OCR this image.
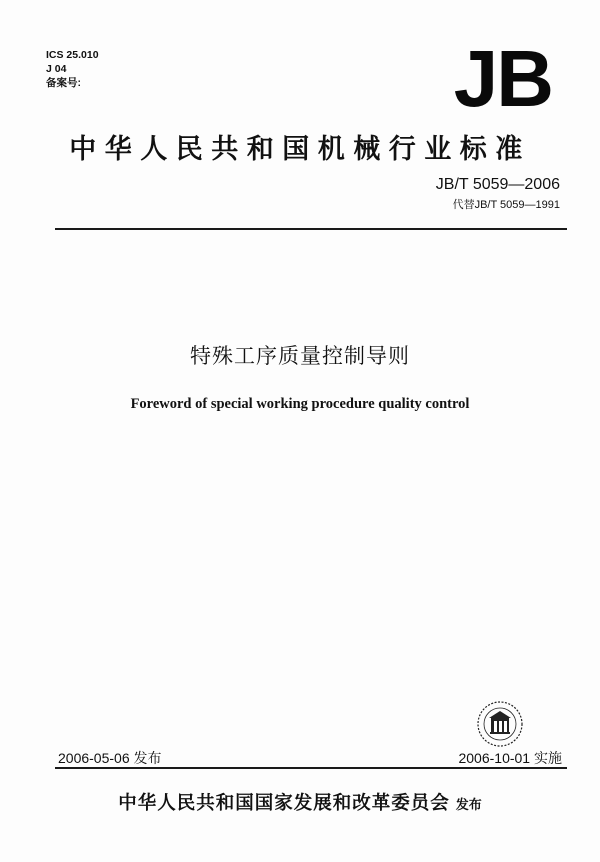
ICS 25.010
J 04
备案号:	JB
中华人民共和国机械行业标准
JB/T 5059—2006
代替JB/T 5059—1991
特殊工序质量控制导则
Foreword of special working procedure quality control
2006-05-06 发布	2006-10-01 实施
中华人民共和国国家发展和改革委员会 发布
